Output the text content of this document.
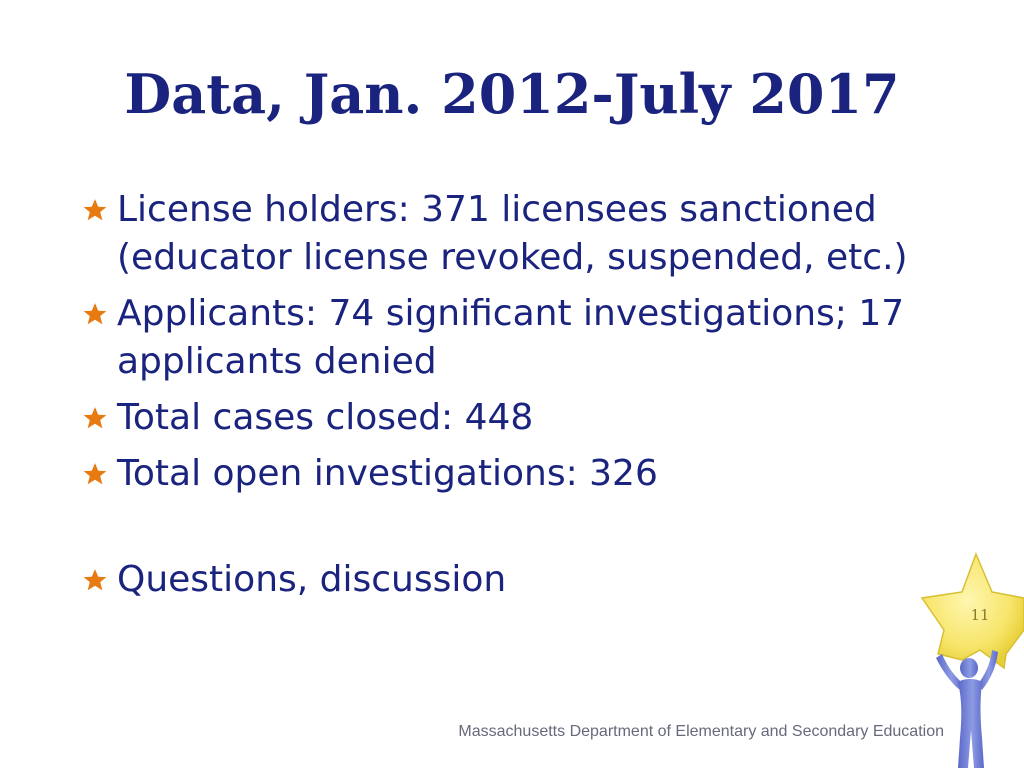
Data, Jan. 2012-July 2017
License holders: 371 licensees sanctioned (educator license revoked, suspended, etc.)
Applicants: 74 significant investigations; 17 applicants denied
Total cases closed: 448
Total open investigations: 326
Questions, discussion
11
Massachusetts Department of Elementary and Secondary Education
